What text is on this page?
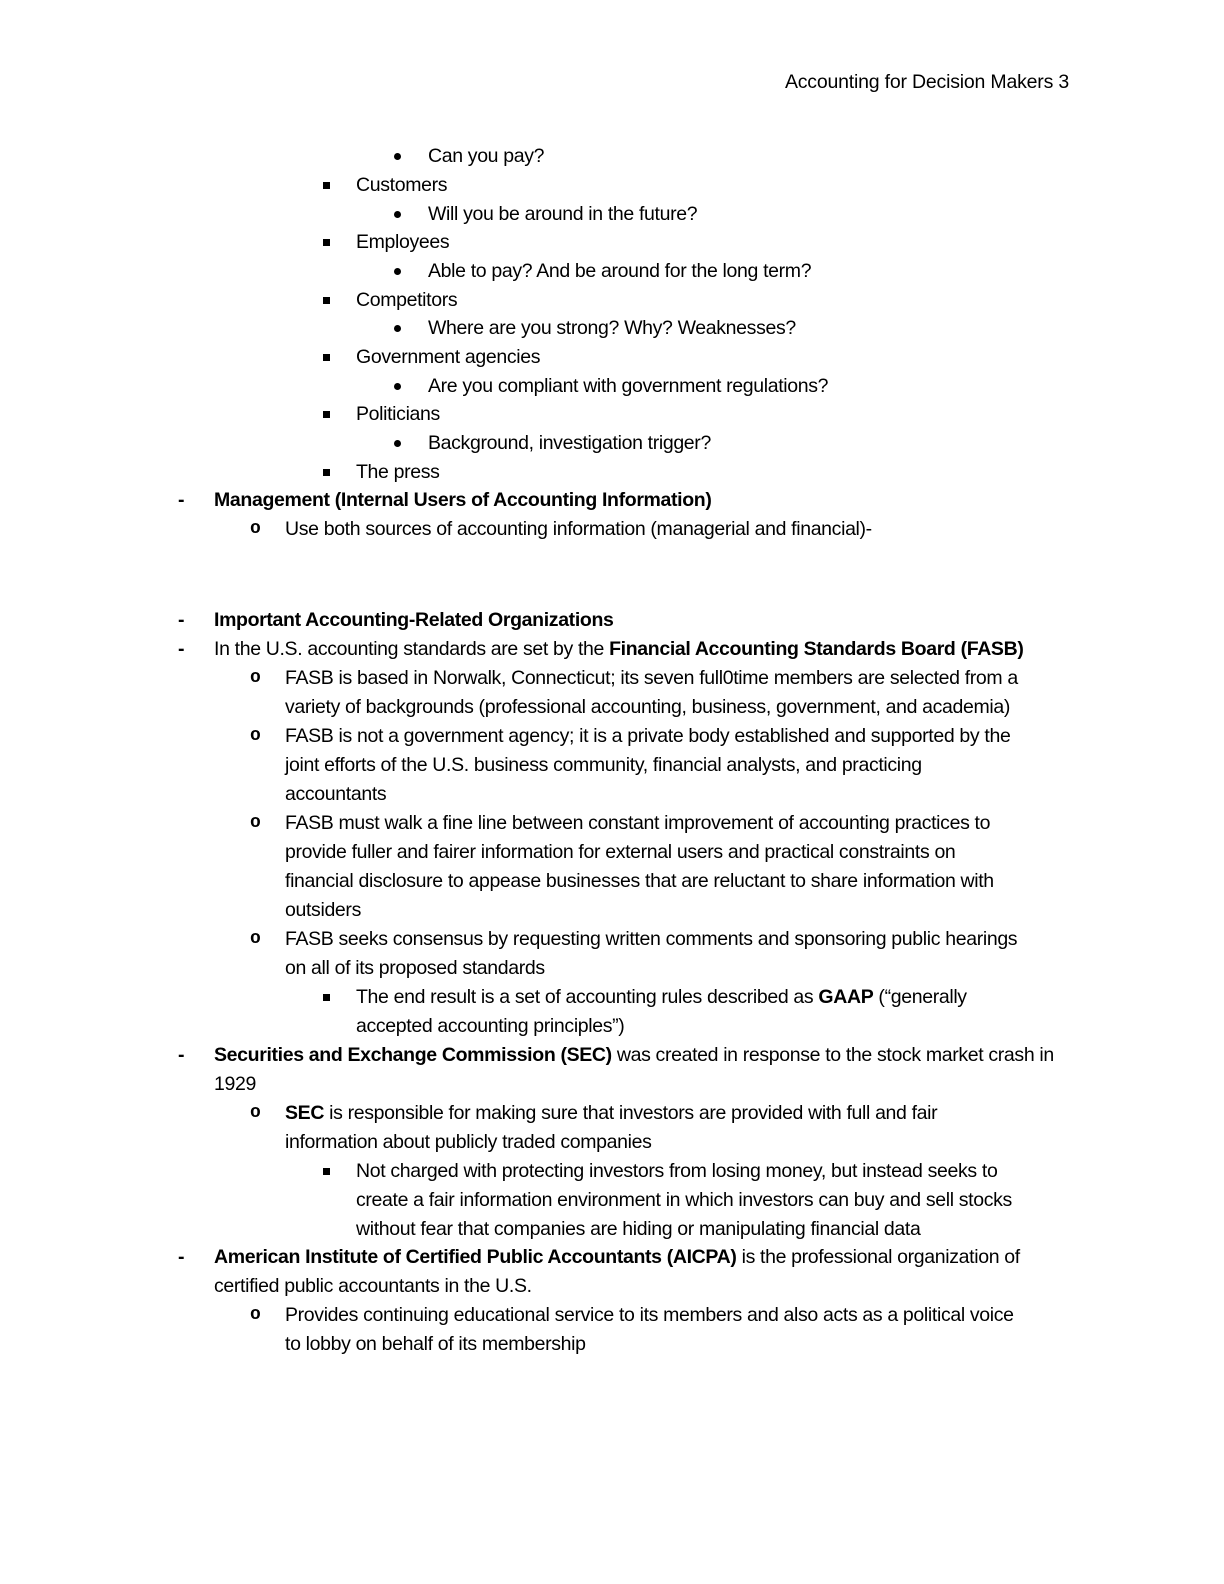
Accounting for Decision Makers 3
Can you pay?
Customers
Will you be around in the future?
Employees
Able to pay? And be around for the long term?
Competitors
Where are you strong? Why? Weaknesses?
Government agencies
Are you compliant with government regulations?
Politicians
Background, investigation trigger?
The press
- Management (Internal Users of Accounting Information)
o Use both sources of accounting information (managerial and financial)-
- Important Accounting-Related Organizations
- In the U.S. accounting standards are set by the Financial Accounting Standards Board (FASB)
o FASB is based in Norwalk, Connecticut; its seven full0time members are selected from a
variety of backgrounds (professional accounting, business, government, and academia)
o FASB is not a government agency; it is a private body established and supported by the
joint efforts of the U.S. business community, financial analysts, and practicing
accountants
o FASB must walk a fine line between constant improvement of accounting practices to
provide fuller and fairer information for external users and practical constraints on
financial disclosure to appease businesses that are reluctant to share information with
outsiders
o FASB seeks consensus by requesting written comments and sponsoring public hearings
on all of its proposed standards
The end result is a set of accounting rules described as GAAP (“generally
accepted accounting principles”)
- Securities and Exchange Commission (SEC) was created in response to the stock market crash in
1929
o SEC is responsible for making sure that investors are provided with full and fair
information about publicly traded companies
Not charged with protecting investors from losing money, but instead seeks to
create a fair information environment in which investors can buy and sell stocks
without fear that companies are hiding or manipulating financial data
- American Institute of Certified Public Accountants (AICPA) is the professional organization of
certified public accountants in the U.S.
o Provides continuing educational service to its members and also acts as a political voice
to lobby on behalf of its membership
